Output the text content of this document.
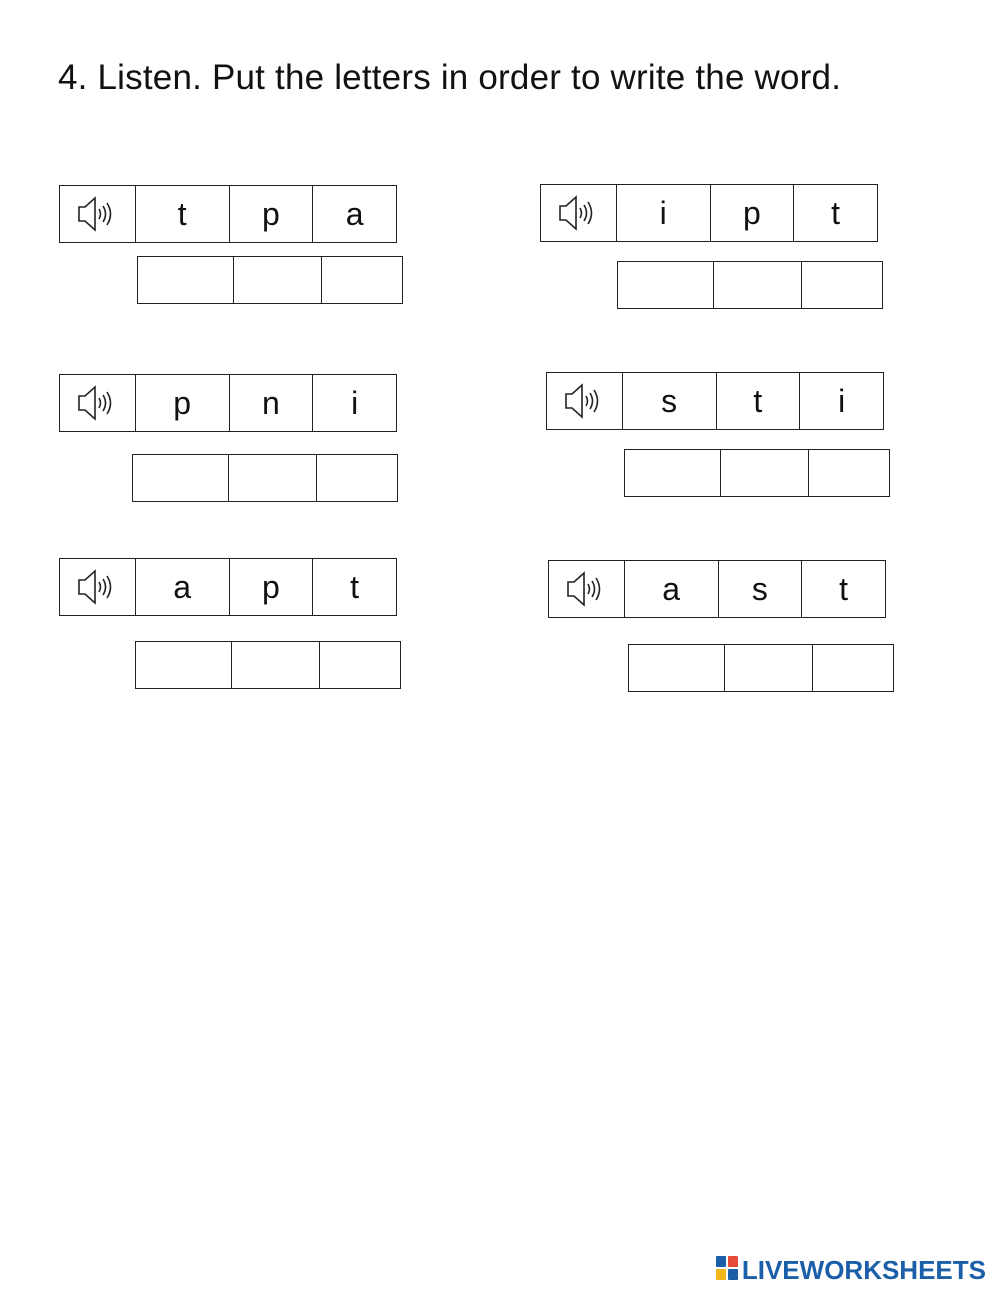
4. Listen. Put the letters in order to write the word.
t	p	a	i	p	t
p	n	i	s	t	i
a	p	t	a	s	t
LIVEWORKSHEETS
